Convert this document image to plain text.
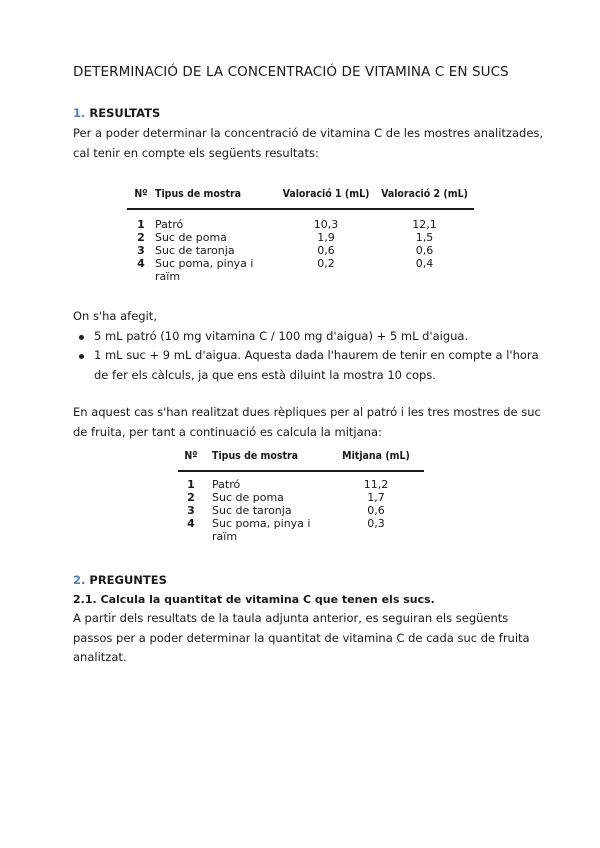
DETERMINACIÓ DE LA CONCENTRACIÓ DE VITAMINA C EN SUCS
1. RESULTATS
Per a poder determinar la concentració de vitamina C de les mostres analitzades,
cal tenir en compte els següents resultats:
Nº	Tipus de mostra	Valoració 1 (mL)	Valoració 2 (mL)

1	Patró	10,3	12,1
2	Suc de poma	1,9	1,5
3	Suc de taronja	0,6	0,6
4	Suc poma, pinya i raïm	0,2	0,4
On s'ha afegit,
5 mL patró (10 mg vitamina C / 100 mg d'aigua) + 5 mL d'aigua.
1 mL suc + 9 mL d'aigua. Aquesta dada l'haurem de tenir en compte a l'hora
de fer els càlculs, ja que ens està diluint la mostra 10 cops.
En aquest cas s'han realitzat dues rèpliques per al patró i les tres mostres de suc
de fruita, per tant a continuació es calcula la mitjana:
Nº	Tipus de mostra	Mitjana (mL)

1	Patró	11,2
2	Suc de poma	1,7
3	Suc de taronja	0,6
4	Suc poma, pinya i raïm	0,3
2. PREGUNTES
2.1. Calcula la quantitat de vitamina C que tenen els sucs.
A partir dels resultats de la taula adjunta anterior, es seguiran els següents
passos per a poder determinar la quantitat de vitamina C de cada suc de fruita
analitzat.
